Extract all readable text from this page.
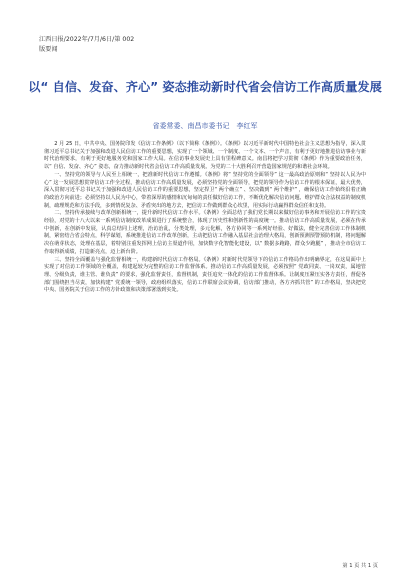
江西日报/2022年/7月/6日/第 002
版要闻
以“ 自信、发奋、齐心” 姿态推动新时代省会信访工作高质量发展
省委常委、南昌市委书记　李红军

2 月 25 日，中共中央、国务院印发《信访工作条例》（以下简称《条例》）。《条例》以习近平新时代中国特色社会主义思想为指导，深入贯彻习近平总书记关于加强和改进人民信访工作的重要思想，实现了一个领域、一个制度、一个文本、一个声音，有利于更好地推进信访事业与新时代治理要求，有利于更好地服务党和国家工作大局。在信访事业发展史上具有里程碑意义。南昌将把学习贯彻《条例》作为重要政治任务，以“ 自信、发奋、齐心” 姿态，奋力推动新时代省会信访工作高质量发展。为党的二十大胜利召开营造国家规范的和谐社会环境。

一、坚持党的领导与人民至上相统一，把准新时代信访工作遵循。《条例》将“ 坚持党的全面领导” 这一最高政治原则和“ 坚持以人民为中心” 这一发展思想贯穿信访工作全过程，推动信访工作高质量发展，必须坚持党的全面领导，把党的领导作为信访工作的根本保证，最大优势，深入贯彻习近平总书记关于加强和改进人民信访工作的重要思想，坚定捍卫“ 两个确立” 、坚决做到“ 两个维护” ，确保信访工作始终沿着正确的政治方向前进；必须坚持以人民为中心，带着深厚的感情和沉甸甸的责任做好信访工作，不断优化解决信访问题、维护群众合法权益的制度机制，疏理规范和方法手段，多到情况复杂、矛盾突出的地方去，把信访工作做到群众心坎里，用实际行动赢得群众信任和支持。

二、坚持传承接续与改革创新相统一，提升新时代信访工作水平。《条例》全面总结了我们党长期以来做好信访事务和开展信访工作的宝贵经验，对党的十八大以来一系列信访制度改革成果进行了系统整合，体现了历史性和创新性的高度统一。推动信访工作高质量发展，必须在传承中创新，在创新中发展，认真总结同上述理，治访治乱，分类处理，多元化解，各方协同等一系列好经验、好做法，健全完善信访工作体制机制，紧密结合省会特点，科学谋划，系统推进信访工作改革创新，主动把信访工作融入基层社会治理大格局，创新预测预警预防机制，将问题解决在萌芽状态，处理在基层，着特别注重发挥网上信访主渠道作用，加快数字化智能化建设，以“ 数据多跑路，群众少跑腿” ，推动全市信访工作取得新成绩，打造新亮点，迈上新台阶。

三、坚持全面覆盖与强化监督相统一，构建新时代信访工作格局。《条例》对新时代党领导下的信访工作格局作出明确界定，在这局面中上实现了对信访工作领域的全覆盖，构建起较为完整的信访工作监督体系。推动信访工作高质量发展，必须按照“ 党政同责、一岗双责，属地管理、分级负责，谁主管、谁负责” 的要求，强化监督责任，监督机制，责任追究一体化的信访工作监督体系。让制度压紧压实各方责任，督促各部门围绕担当尽责，加快构建“ 党委统一领导，政府组织落实，信访工作联席会议协调，信访部门推动，各方齐抓共管” 的工作格局，坚决把党中央、国务院关于信访工作的方针政策和决策部署落到实处。

第 1 页 共 1 页
